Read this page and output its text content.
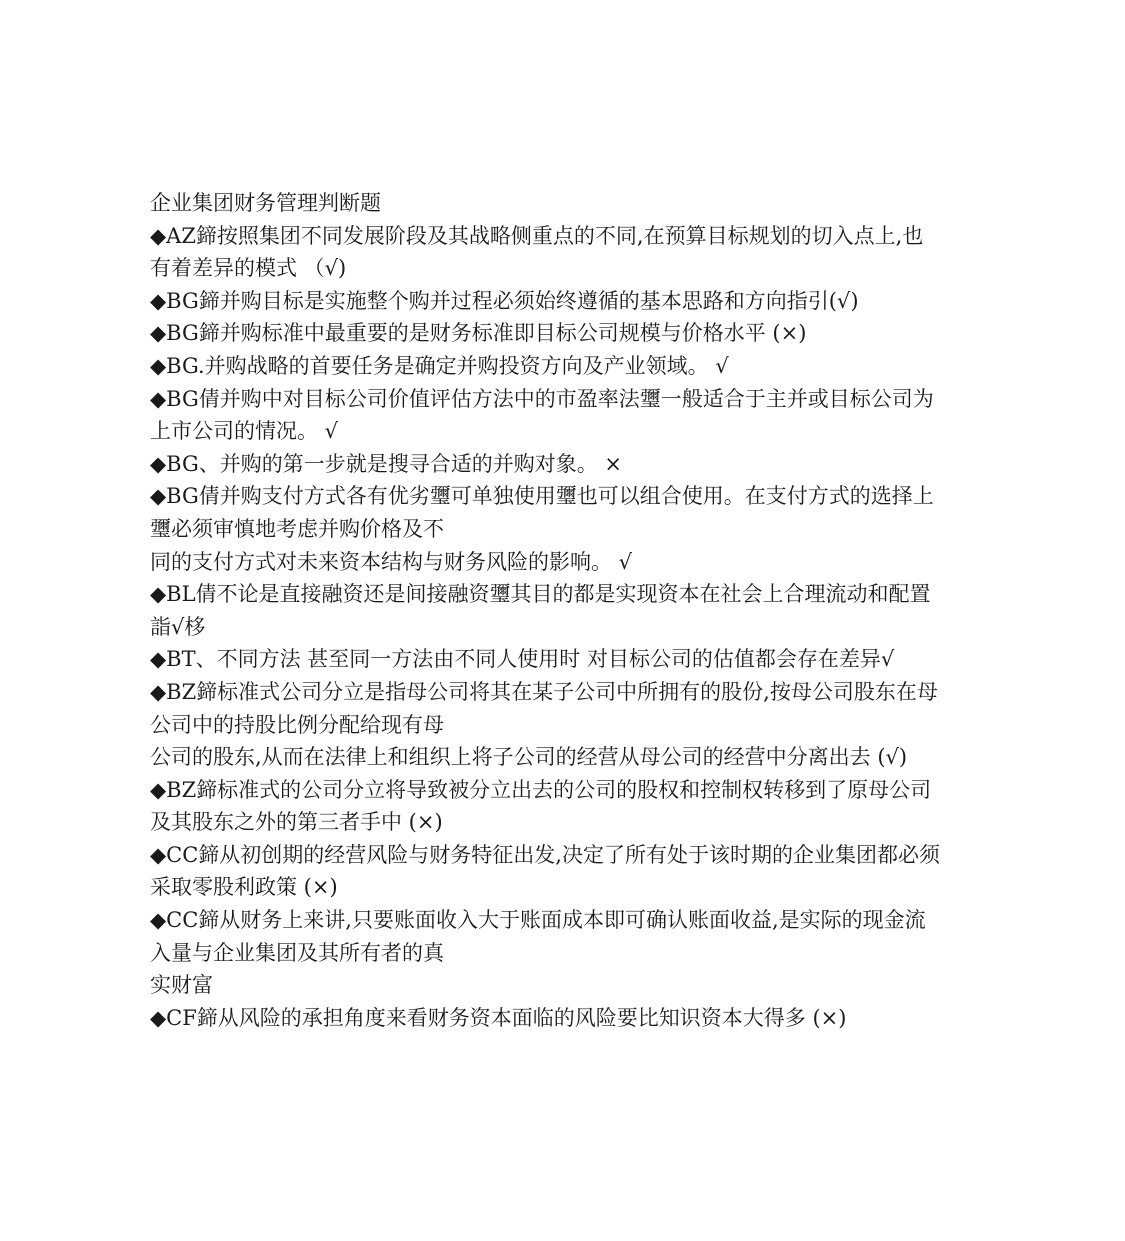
企业集团财务管理判断题
◆AZ鍗按照集团不同发展阶段及其战略侧重点的不同,在预算目标规划的切入点上,也
有着差异的模式 （√)
◆BG鍗并购目标是实施整个购并过程必须始终遵循的基本思路和方向指引(√)
◆BG鍗并购标准中最重要的是财务标准即目标公司规模与价格水平 (×)
◆BG.并购战略的首要任务是确定并购投资方向及产业领域。 √
◆BG倩并购中对目标公司价值评估方法中的市盈率法瓕一般适合于主并或目标公司为
上市公司的情况。 √
◆BG、并购的第一步就是搜寻合适的并购对象。 ×
◆BG倩并购支付方式各有优劣瓕可单独使用瓕也可以组合使用。在支付方式的选择上
瓕必须审慎地考虑并购价格及不
同的支付方式对未来资本结构与财务风险的影响。 √
◆BL倩不论是直接融资还是间接融资瓕其目的都是实现资本在社会上合理流动和配置
詣√栘
◆BT、不同方法 甚至同一方法由不同人使用时 对目标公司的估值都会存在差异√
◆BZ鍗标准式公司分立是指母公司将其在某子公司中所拥有的股份,按母公司股东在母
公司中的持股比例分配给现有母
公司的股东,从而在法律上和组织上将子公司的经营从母公司的经营中分离出去 (√)
◆BZ鍗标准式的公司分立将导致被分立出去的公司的股权和控制权转移到了原母公司
及其股东之外的第三者手中 (×)
◆CC鍗从初创期的经营风险与财务特征出发,决定了所有处于该时期的企业集团都必须
采取零股利政策 (×)
◆CC鍗从财务上来讲,只要账面收入大于账面成本即可确认账面收益,是实际的现金流
入量与企业集团及其所有者的真
实财富
◆CF鍗从风险的承担角度来看财务资本面临的风险要比知识资本大得多 (×)
